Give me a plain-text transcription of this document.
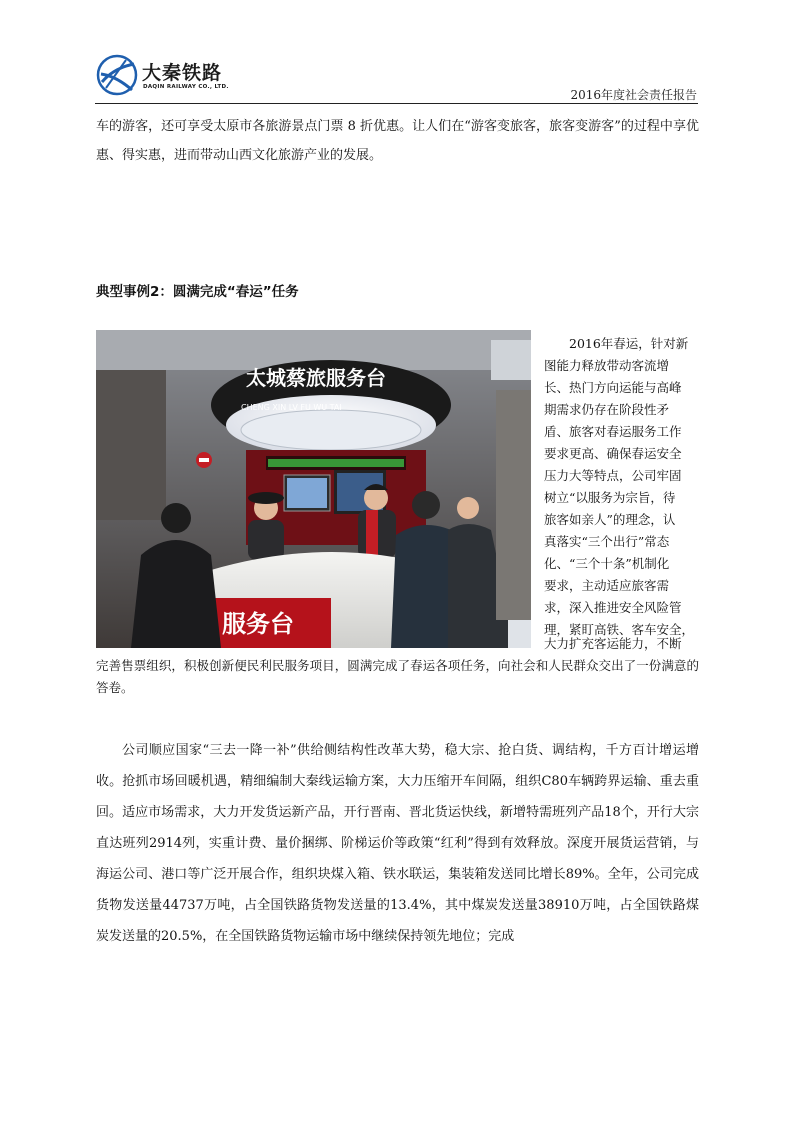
大秦铁路
DAQIN RAILWAY CO., LTD.
2016年度社会责任报告

车的游客，还可享受太原市各旅游景点门票 8 折优惠。让人们在“游客变旅客，旅客变游客”的过程中享优惠、得实惠，进而带动山西文化旅游产业的发展。

典型事例2：圆满完成“春运”任务
太城蔡旅服务台
CHENG XIN LV FU WU TAI
服务台
2016年春运，针对新
图能力释放带动客流增
长、热门方向运能与高峰
期需求仍存在阶段性矛
盾、旅客对春运服务工作
要求更高、确保春运安全
压力大等特点，公司牢固
树立“以服务为宗旨，待
旅客如亲人”的理念，认
真落实“三个出行”常态
化、“三个十条”机制化
要求，主动适应旅客需
求，深入推进安全风险管
理，紧盯高铁、客车安全，
大力扩充客运能力，不断
完善售票组织，积极创新便民利民服务项目，圆满完成了春运各项任务，向社会和人民群众交出了一份满意的答卷。

公司顺应国家“三去一降一补”供给侧结构性改革大势，稳大宗、抢白货、调结构，千方百计增运增收。抢抓市场回暖机遇，精细编制大秦线运输方案，大力压缩开车间隔，组织C80车辆跨界运输、重去重回。适应市场需求，大力开发货运新产品，开行晋南、晋北货运快线，新增特需班列产品18个，开行大宗直达班列2914列，实重计费、量价捆绑、阶梯运价等政策“红利”得到有效释放。深度开展货运营销，与海运公司、港口等广泛开展合作，组织块煤入箱、铁水联运，集装箱发送同比增长89%。全年，公司完成货物发送量44737万吨，占全国铁路货物发送量的13.4%，其中煤炭发送量38910万吨，占全国铁路煤炭发送量的20.5%，在全国铁路货物运输市场中继续保持领先地位；完成
